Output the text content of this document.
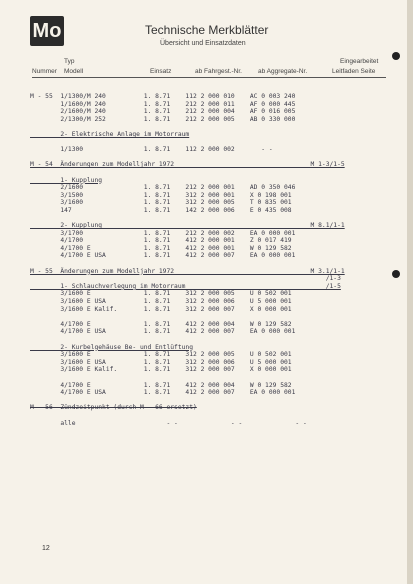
Mo	Technische Merkblätter
Übersicht und Einsatzdaten
Typ
Nummer Modell	Einsatz	ab Fahrgest.-Nr. ab Aggregate-Nr.
Eingearbeitet
Leitfaden Seite
M - 55  1/1300/M 240          1. 8.71    112 2 000 010    AC 0 003 240
1/1600/M 240          1. 8.71    212 2 000 011    AF 0 000 445
2/1600/M 240          1. 8.71    212 2 000 004    AF 0 016 005
2/1300/M 252          1. 8.71    212 2 000 005    AB 0 330 000

2- Elektrische Anlage im Motorraum

1/1300                1. 8.71    112 2 000 002       - -

M - 54  Änderungen zum Modelljahr 1972                                    M 1-3/1-5

1- Kupplung
2/1600                1. 8.71    212 2 000 001    AD 0 350 046
3/1500                1. 8.71    312 2 000 001    X 0 198 001
3/1600                1. 8.71    312 2 000 005    T 0 835 001
147                   1. 8.71    142 2 000 006    E 0 435 008

2- Kupplung                                                       M 8.1/1-1
3/1700                1. 8.71    212 2 000 002    EA 0 000 001
4/1700                1. 8.71    412 2 000 001    Z 0 017 419
4/1700 E              1. 8.71    412 2 000 001    W 0 129 582
4/1700 E USA          1. 8.71    412 2 000 007    EA 0 000 001

M - 55  Änderungen zum Modelljahr 1972                                    M 3.1/1-1
/1-3
1- Schlauchverlegung im Motorraum                                     /1-5
3/1600 E              1. 8.71    312 2 000 005    U 0 502 001
3/1600 E USA          1. 8.71    312 2 000 006    U 5 000 001
3/1600 E Kalif.       1. 8.71    312 2 000 007    X 0 000 001

4/1700 E              1. 8.71    412 2 000 004    W 0 129 582
4/1700 E USA          1. 8.71    412 2 000 007    EA 0 000 001

2- Kurbelgehäuse Be- und Entlüftung
3/1600 E              1. 8.71    312 2 000 005    U 0 502 001
3/1600 E USA          1. 8.71    312 2 000 006    U 5 000 001
3/1600 E Kalif.       1. 8.71    312 2 000 007    X 0 000 001

4/1700 E              1. 8.71    412 2 000 004    W 0 129 582
4/1700 E USA          1. 8.71    412 2 000 007    EA 0 000 001

M - 56  Zündzeitpunkt (durch M - 66 ersetzt)

alle                        - -              - -              - -
12
